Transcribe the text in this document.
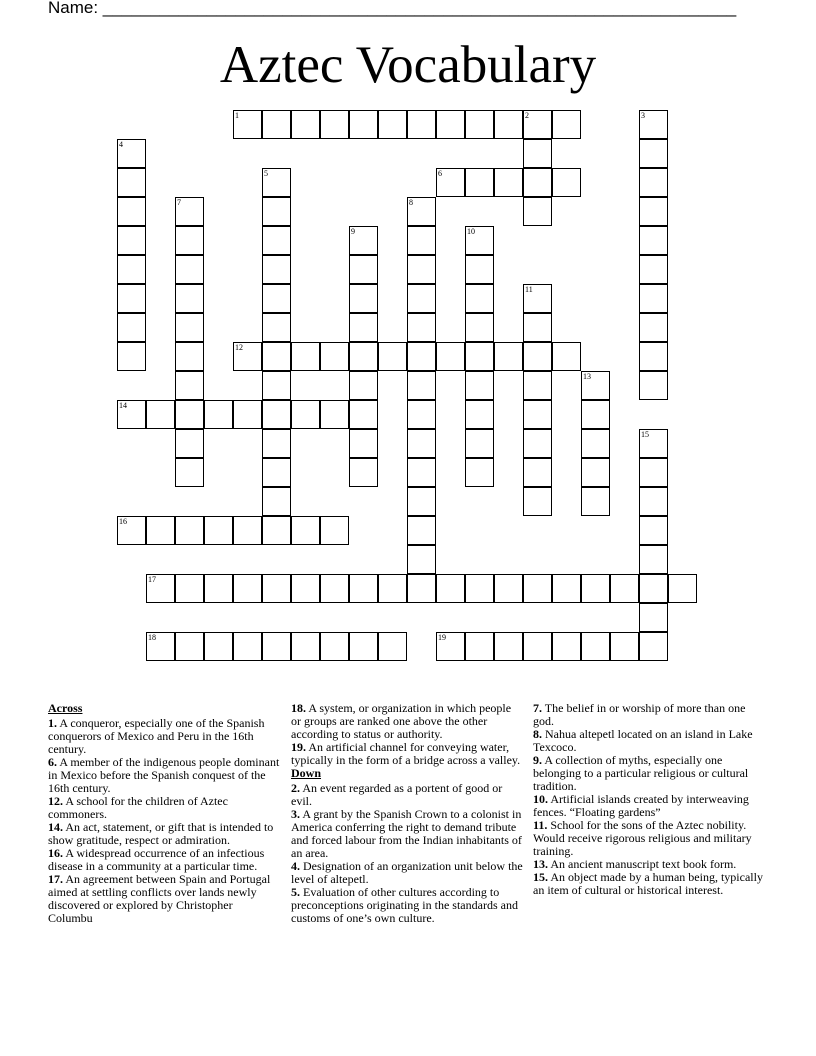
Name: ___________________________________________________________________
Aztec Vocabulary
1	2	3
4
5	6
7	8
9	10
11
12
13
14
15
16
17
18	19
Across
1. A conqueror, especially one of the Spanish conquerors of Mexico and Peru in the 16th century.
6. A member of the indigenous people dominant in Mexico before the Spanish conquest of the 16th century.
12. A school for the children of Aztec commoners.
14. An act, statement, or gift that is intended to show gratitude, respect or admiration.
16. A widespread occurrence of an infectious disease in a community at a particular time.
17. An agreement between Spain and Portugal aimed at settling conflicts over lands newly discovered or explored by Christopher Columbu
18. A system, or organization in which people or groups are ranked one above the other according to status or authority.
19. An artificial channel for conveying water, typically in the form of a bridge across a valley.
Down
2. An event regarded as a portent of good or evil.
3. A grant by the Spanish Crown to a colonist in America conferring the right to demand tribute and forced labour from the Indian inhabitants of an area.
4. Designation of an organization unit below the level of altepetl.
5. Evaluation of other cultures according to preconceptions originating in the standards and customs of one’s own culture.
7. The belief in or worship of more than one god.
8. Nahua altepetl located on an island in Lake Texcoco.
9. A collection of myths, especially one belonging to a particular religious or cultural tradition.
10. Artificial islands created by interweaving fences. “Floating gardens”
11. School for the sons of the Aztec nobility. Would receive rigorous religious and military training.
13. An ancient manuscript text book form.
15. An object made by a human being, typically an item of cultural or historical interest.
